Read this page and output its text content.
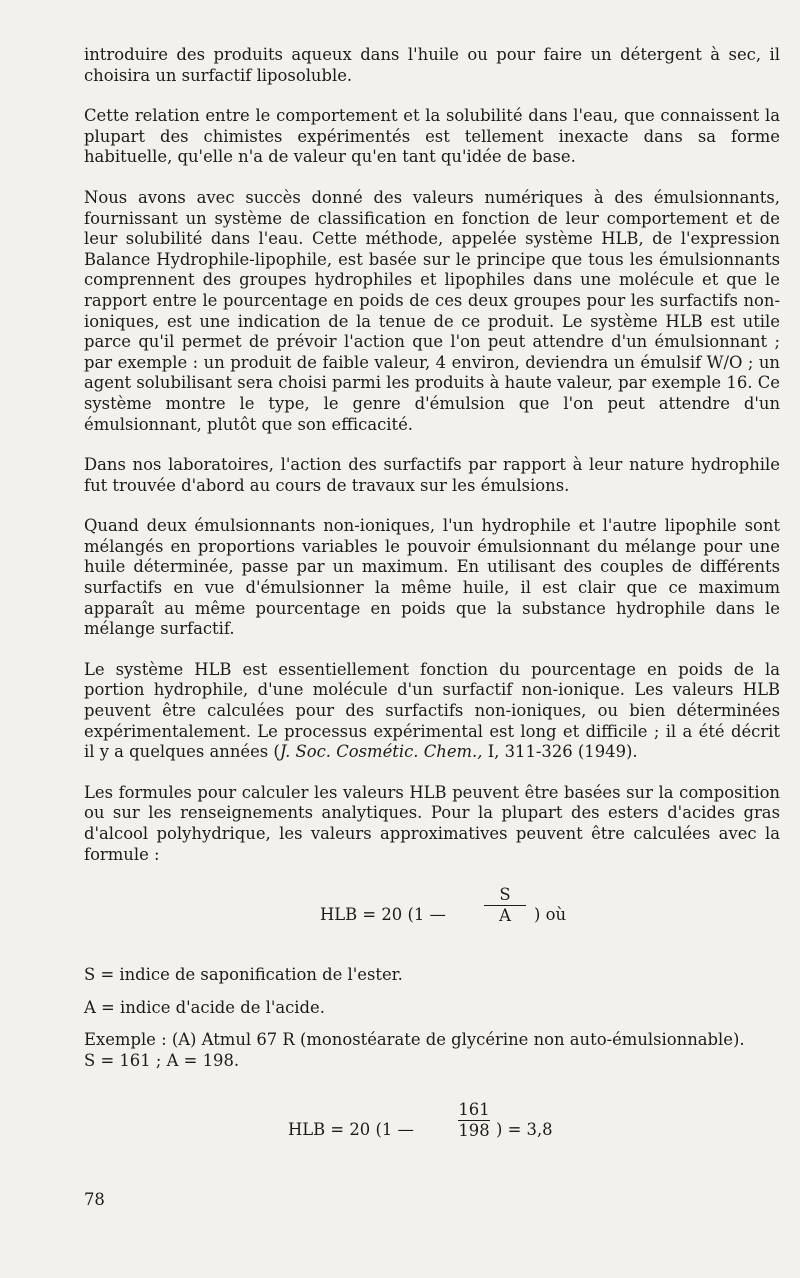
introduire des produits aqueux dans l'huile ou pour faire un détergent à sec, il choisira un surfactif liposoluble.

Cette relation entre le comportement et la solubilité dans l'eau, que connaissent la plupart des chimistes expérimentés est tellement inexacte dans sa forme habituelle, qu'elle n'a de valeur qu'en tant qu'idée de base.

Nous avons avec succès donné des valeurs numériques à des émulsionnants, fournissant un système de classification en fonction de leur comportement et de leur solubilité dans l'eau. Cette méthode, appelée système HLB, de l'expression Balance Hydrophile-lipophile, est basée sur le principe que tous les émulsionnants comprennent des groupes hydrophiles et lipophiles dans une molécule et que le rapport entre le pourcentage en poids de ces deux groupes pour les surfactifs non-ioniques, est une indication de la tenue de ce produit. Le système HLB est utile parce qu'il permet de prévoir l'action que l'on peut attendre d'un émulsionnant ; par exemple : un produit de faible valeur, 4 environ, deviendra un émulsif W/O ; un agent solubilisant sera choisi parmi les produits à haute valeur, par exemple 16. Ce système montre le type, le genre d'émulsion que l'on peut attendre d'un émulsionnant, plutôt que son efficacité.

Dans nos laboratoires, l'action des surfactifs par rapport à leur nature hydrophile fut trouvée d'abord au cours de travaux sur les émulsions.

Quand deux émulsionnants non-ioniques, l'un hydrophile et l'autre lipophile sont mélangés en proportions variables le pouvoir émulsionnant du mélange pour une huile déterminée, passe par un maximum. En utilisant des couples de différents surfactifs en vue d'émulsionner la même huile, il est clair que ce maximum apparaît au même pourcentage en poids que la substance hydrophile dans le mélange surfactif.

Le système HLB est essentiellement fonction du pourcentage en poids de la portion hydrophile, d'une molécule d'un surfactif non-ionique. Les valeurs HLB peuvent être calculées pour des surfactifs non-ioniques, ou bien déterminées expérimentalement. Le processus expérimental est long et difficile ; il a été décrit il y a quelques années (J. Soc. Cosmétic. Chem., I, 311-326 (1949).

Les formules pour calculer les valeurs HLB peuvent être basées sur la composition ou sur les renseignements analytiques. Pour la plupart des esters d'acides gras d'alcool polyhydrique, les valeurs approximatives peuvent être calculées avec la formule :

HLB = 20 (1 —
S
A	) où

S = indice de saponification de l'ester.

A = indice d'acide de l'acide.

Exemple : (A) Atmul 67 R (monostéarate de glycérine non auto-émulsionnable).
S = 161 ; A = 198.
HLB = 20 (1 —
161
198 ) = 3,8
78
